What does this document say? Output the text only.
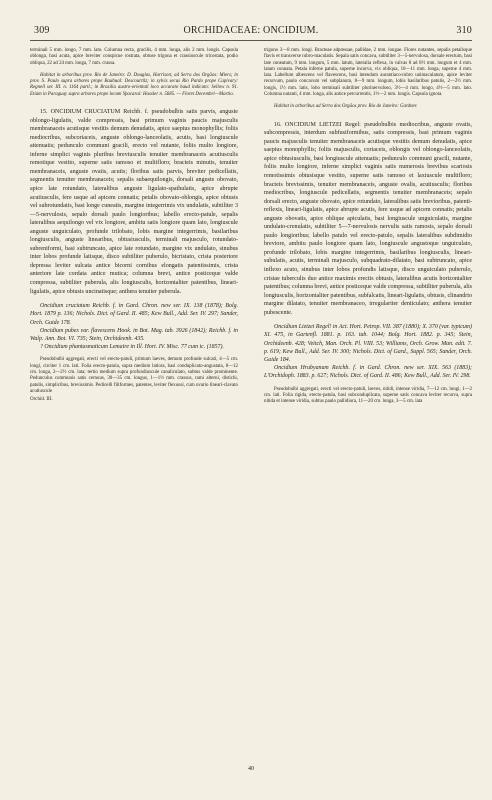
309	ORCHIDACEAE: ONCIDIUM.	310

terminali 5 mm. longo, 7 mm. lato. Columna recta, gracilis, 4 mm. longa, alis 2 mm. longis. Capsula oblonga, basi acuta, apice breviter conspicue rostrata, obtuse trigona et crassiuscule tricostata, podio obliqua, 22 ad 24 mm. longa, 7 mm. crassa.

Habitat in arboribus prov. Rio de Janeiro: D. Douglas, Harrison; ad Serra dos Orgãos: Miers; in prov. S. Paulo supra arbores prope Bauhual: Descourtilz; in sylvis secus Rio Pardo prope Capivary: Regnell ser. III. n. 1164 partl.; in Brasilia austro-orientali loco accurato haud indicato: Sellow n. 91. Etiam in Paraguay supra arbores prope locum Ypacaraí: Hassler n. 5685. — Floret Decembri—Martio.

15. ONCIDIUM CRUCIATUM Reichb. f. pseudobulbis satis parvis, anguste oblongo-ligulatis, valde compressis, basi primum vaginis paucis majusculis membranaceis acutisque vestitis demum denudatis, apice saepius monophyllis; foliis mediocribus, subcoriaceis, anguste oblongo-lanceolatis, acutis, basi longiuscule attenuatis; pedunculo communi gracili, erecto vel nutante, foliis multo longiore, inferne simplici vaginis pluribus breviusculis tenuiter membranaceis acutiusculis remotique vestito, superne satis ramoso et multifloro; bracteis minutis, tenuiter membranaceis, anguste ovatis, acutis; floribus satis parvis, breviter pedicellatis, segmentis tenuiter membranaceis; sepalis subaequilongis, dorsali anguste obovato, apice late rotundato, lateralibus anguste ligulato-spathulatis, apice abrupte acutiusculis, fere usque ad apicem connatis; petalis obovato-oblongis, apice obtusis vel subrotundatis, basi longe cuneatis, margine integerrimis vix undulatis, subtiliter 3—5-nervulosis, sepalo dorsali paulo longioribus; labello erecto-patule, sepalis lateralibus aequilongo vel vix longiore, ambitu satis longiore quam lato, longiuscule anguste unguiculato, profunde trilobato, lobis margine integerrimis, basilaribus longiusculis, anguste linearibus, obtusiusculis, terminali majusculo, rotundato-subreniformi, basi subtruncato, apice late rotundato, margine vix undulato, sinubus inter lobos profunde latisque, disco subtiliter puberulo, bicristato, crista posteriore depressa leviter sulcata antice bicorni cornibus elongatis patentissimis, crista anteriore late cordata antice mutica; columna brevi, antice posticeque valde compressa, subtiliter puberula, alis longiusculis, horizontaliter patentibus, lineari-ligulatis, apice obtusis uncinatisque; anthera tenuiter puberula.

Oncidium cruciatum Reichb. f. in Gard. Chron. new ser. IX. 138 (1878); Bolg. Hort. 1879 p. 136; Nichols. Dict. of Gard. II. 485; Kew Bull., Add. Ser. IV. 297; Sander, Orch. Guide 178.

Oncidium pubes var. flavescens Hook. in Bot. Mag. tab. 3926 (1842); Reichb. f. in Walp. Ann. Bot. VI. 735; Stein, Orchideenb. 435.

? Oncidium phantasmaticum Lemaire in Ill. Hort. IV. Misc. 77 cum ic. (1857).

Pseudobulbi aggregati, erecti vel erecto-patuli, primum laeves, demum profunde sulcati, 4—5 cm. longi, circiter 1 cm. lati. Folia erecto-patula, supra medium latiora, basi conduplicato-angustata, 8—12 cm. longa, 2—2½ cm. lata; tertio medium supra profundiuscule canaliculato, subtus valde prominente. Pedunculus communis satis cernuus, 30—35 cm. longus, 1—1½ mm. crassus, rami alterni, distichi, patulis, simplicibus, brevissimis. Pedicelli filiformes, patentes, leviter flexuosi, cum ovario lineari-clavato acutiuscule

Orchid. III.

trigono 3—8 mm. longi. Bracteae adpressae, pallidae, 2 mm. longae. Flores nutantes, sepalis petalisque flavis et transverse rubro-maculatis. Sepala satis concava, subtiliter 3—5-nervulosa, dorsale erectum, basi late cuneatum, 9 mm. longum, 5 mm. latum, lateralia reflexa, in valvas 8 ad 8½ mm. longum et 4 mm. latam connata. Petala inferne patula, superne incurva, vix obliqua, 10—11 mm. longa, superne 4 mm. lata. Labellum albescens vel flavescens, basi intendum aurantiaco-rubro unimaculatum, apice leviter recurvum, paulo concavum vel subplanum, 8—9 mm. longum, lobis basilaribus patulis, 2—2½ mm. longis, 1½ mm. latis, lobo terminali subtiliter plurinervuloso, 3½—4 mm. longo, 4½—5 mm. lato. Columna nutanti, 4 mm. longa, alis antice percurrentis, 1½—2 mm. longis. Capsula ignota.

Habitat in arboribus ad Serra dos Orgãos prov. Rio de Janeiro: Gardner.

16. ONCIDIUM LIETZEI Regel: pseudobulbis mediocribus, anguste ovatis, subcompressis, interdum subfusiformibus, satis compressis, basi primum vaginis paucis majusculis tenuiter membranaceis acutisque vestitis demum denudatis, apice saepius monophyllis; foliis majusculis, coriaceis, oblongis vel oblongo-lanceolatis, apice obtusiusculis, basi longiuscule attenuatis; pedunculo communi gracili, nutante, foliis multo longiore, inferne simplici vaginis satis numerosis brevibus scariosis remotissimis obtusisque vestito, superne satis ramoso et laxiuscule multifloro; bracteis brevissimis, tenuiter membranaceis, anguste ovalis, acutiusculis; floribus mediocribus, longiuscule pedicellatis, segmentis tenuiter membranaceis; sepalo dorsali erecto, anguste obovato, apice rotundato, lateralibus satis brevioribus, patenti-reflexis, lineari-ligulatis, apice abrupte acutis, fere usque ad apicem connatis; petalis anguste obovatis, apice oblique apiculatis, basi longiuscule unguiculatis, margine undulato-crenulatis, subtiliter 5—7-nervulosis nervulis satis ramosis, sepalo dorsali paulo longioribus; labello patulo vel erecto-patulo, sepalis lateralibus subdimidio breviore, ambitu paulo longiore quam lato, longiuscule angustoque unguiculato, profunde trilobato, lobis margine integerrimis, basilaribus longiusculis, lineari-subulatis, acutis, terminali majusculo, subquadrato-dilatato, basi subtruncato, apice inflexo acuto, sinubus inter lobos profundis latisque, disco unguiculato puberulo, cristae tuberculis duo antice maximis erectis obtusis, lateralibus acutis horizontaliter patentibus; columna brevi, antice posticeque valde compressa, subtiliter puberula, alis longiusculis, horizontaliter patentibus, subfalcatis, lineari-ligulatis, obtusis, clinandrio margine dilatato, tenuiter membranaceo, irregulariter denticulato; anthera tenuiter pubescente.

Oncidium Lietzei Regel! in Act. Hort. Petrop. VII. 387 (1880); X. 370 (var. typicum) XI. 475, in Gartenfl. 1881. p. 163. tab. 1044; Bolg. Hort. 1882. p. 345; Stein, Orchideenb. 428; Veitch, Man. Orch. Pl. VIII. 53; Williams, Orch. Grow. Man. edit. 7. p. 619; Kew Bull., Add. Ser. IV. 300; Nichols. Dict. of Gard., Suppl. 565; Sander, Orch. Guide 184.

Oncidium Hrubyanum Reichb. f. in Gard. Chron. new ser. XIX. 563 (1883); L'Orchidoph. 1883. p. 627; Nichols. Dict. of Gard. II. 486; Kew Bull., Add. Ser. IV. 298.

Pseudobulbi aggregati, erecti vel erecto-patuli, laeves, nitidi, intense viridia, 7—12 cm. longi, 1—2 cm. lati. Folia rigida, erecto-patula, basi subconduplicata, superne satis concava leviter recurva, supra nitida et intense viridia, subtus paulo pallidiora, 11—20 cm. longa, 3—5 cm. lata

40
